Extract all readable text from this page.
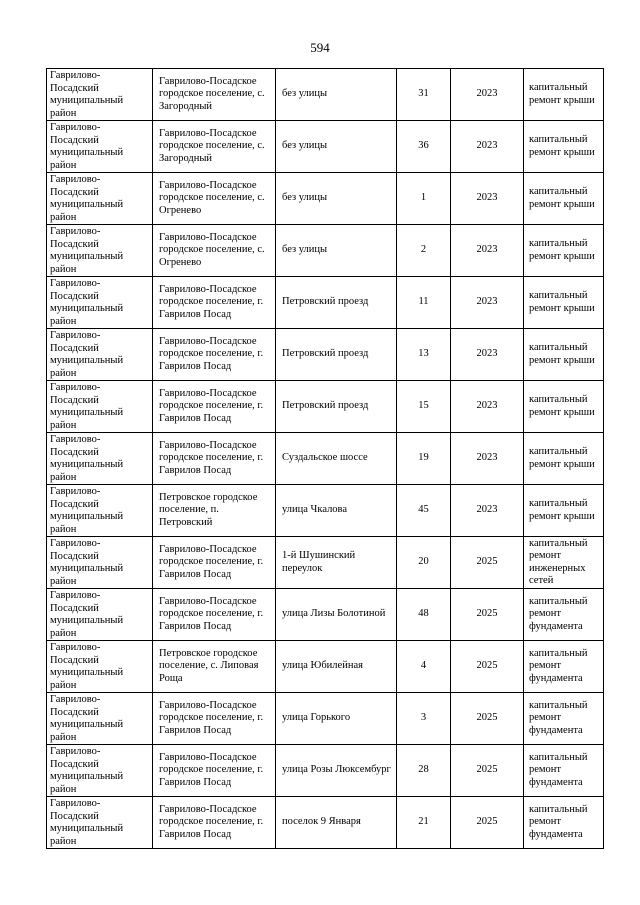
594
Гаврилово-Посадский муниципальный район	Гаврилово-Посадское городское поселение, с. Загородный	без улицы	31	2023	капитальный ремонт крыши
Гаврилово-Посадский муниципальный район	Гаврилово-Посадское городское поселение, с. Загородный	без улицы	36	2023	капитальный ремонт крыши
Гаврилово-Посадский муниципальный район	Гаврилово-Посадское городское поселение, с. Огренево	без улицы	1	2023	капитальный ремонт крыши
Гаврилово-Посадский муниципальный район	Гаврилово-Посадское городское поселение, с. Огренево	без улицы	2	2023	капитальный ремонт крыши
Гаврилово-Посадский муниципальный район	Гаврилово-Посадское городское поселение, г. Гаврилов Посад	Петровский проезд	11	2023	капитальный ремонт крыши
Гаврилово-Посадский муниципальный район	Гаврилово-Посадское городское поселение, г. Гаврилов Посад	Петровский проезд	13	2023	капитальный ремонт крыши
Гаврилово-Посадский муниципальный район	Гаврилово-Посадское городское поселение, г. Гаврилов Посад	Петровский проезд	15	2023	капитальный ремонт крыши
Гаврилово-Посадский муниципальный район	Гаврилово-Посадское городское поселение, г. Гаврилов Посад	Суздальское шоссе	19	2023	капитальный ремонт крыши
Гаврилово-Посадский муниципальный район	Петровское городское поселение, п. Петровский	улица Чкалова	45	2023	капитальный ремонт крыши
Гаврилово-Посадский муниципальный район	Гаврилово-Посадское городское поселение, г. Гаврилов Посад	1-й Шушинский переулок	20	2025	капитальный ремонт инженерных сетей
Гаврилово-Посадский муниципальный район	Гаврилово-Посадское городское поселение, г. Гаврилов Посад	улица Лизы Болотиной	48	2025	капитальный ремонт фундамента
Гаврилово-Посадский муниципальный район	Петровское городское поселение, с. Липовая Роща	улица Юбилейная	4	2025	капитальный ремонт фундамента
Гаврилово-Посадский муниципальный район	Гаврилово-Посадское городское поселение, г. Гаврилов Посад	улица Горького	3	2025	капитальный ремонт фундамента
Гаврилово-Посадский муниципальный район	Гаврилово-Посадское городское поселение, г. Гаврилов Посад	улица Розы Люксембург	28	2025	капитальный ремонт фундамента
Гаврилово-Посадский муниципальный район	Гаврилово-Посадское городское поселение, г. Гаврилов Посад	поселок 9 Января	21	2025	капитальный ремонт фундамента
